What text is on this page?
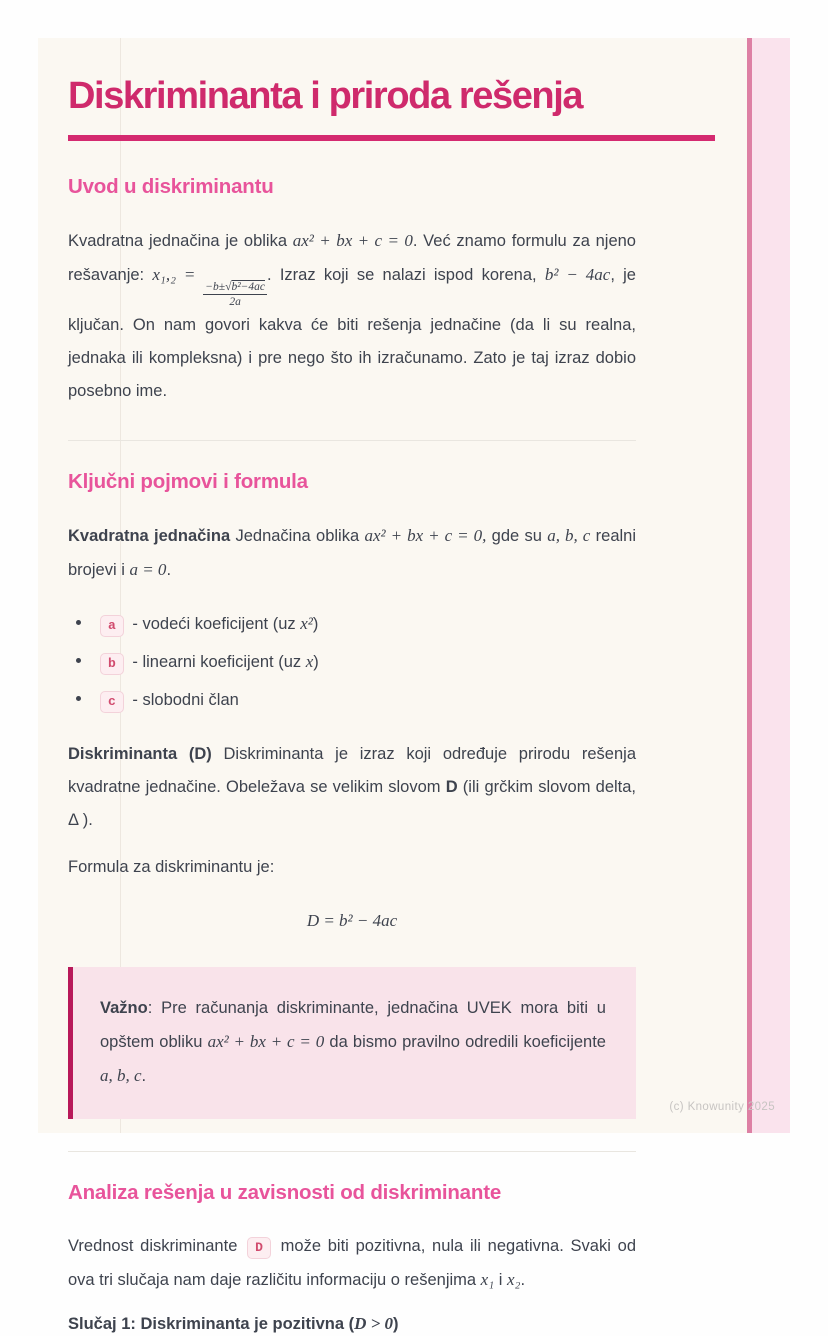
Diskriminanta i priroda rešenja
Uvod u diskriminantu

Kvadratna jednačina je oblika ax² + bx + c = 0. Već znamo formulu za njeno rešavanje: x₁,₂ =
$\frac{\text{−b±√b²−4ac}}{2a}$
. Izraz koji se nalazi ispod korena, b² − 4ac, je ključan. On nam govori kakva će biti rešenja jednačine (da li su realna, jednaka ili kompleksna) i pre nego što ih izračunamo. Zato je taj izraz dobio posebno ime.

Ključni pojmovi i formula

Kvadratna jednačina Jednačina oblika ax² + bx + c = 0, gde su a, b, c realni brojevi i a = 0.

a - vodeći koeficijent (uz x²)
b - linearni koeficijent (uz x)
c - slobodni član

Diskriminanta (D) Diskriminanta je izraz koji određuje prirodu rešenja kvadratne jednačine. Obeležava se velikim slovom D (ili grčkim slovom delta, Δ ).

Formula za diskriminantu je:

D = b² − 4ac

Važno: Pre računanja diskriminante, jednačina UVEK mora biti u opštem obliku ax² + bx + c = 0 da bismo pravilno odredili koeficijente a, b, c.

Analiza rešenja u zavisnosti od diskriminante

Vrednost diskriminante D može biti pozitivna, nula ili negativna. Svaki od ova tri slučaja nam daje različitu informaciju o rešenjima x₁ i x₂.

Slučaj 1: Diskriminanta je pozitivna (D > 0)

(c) Knowunity 2025
